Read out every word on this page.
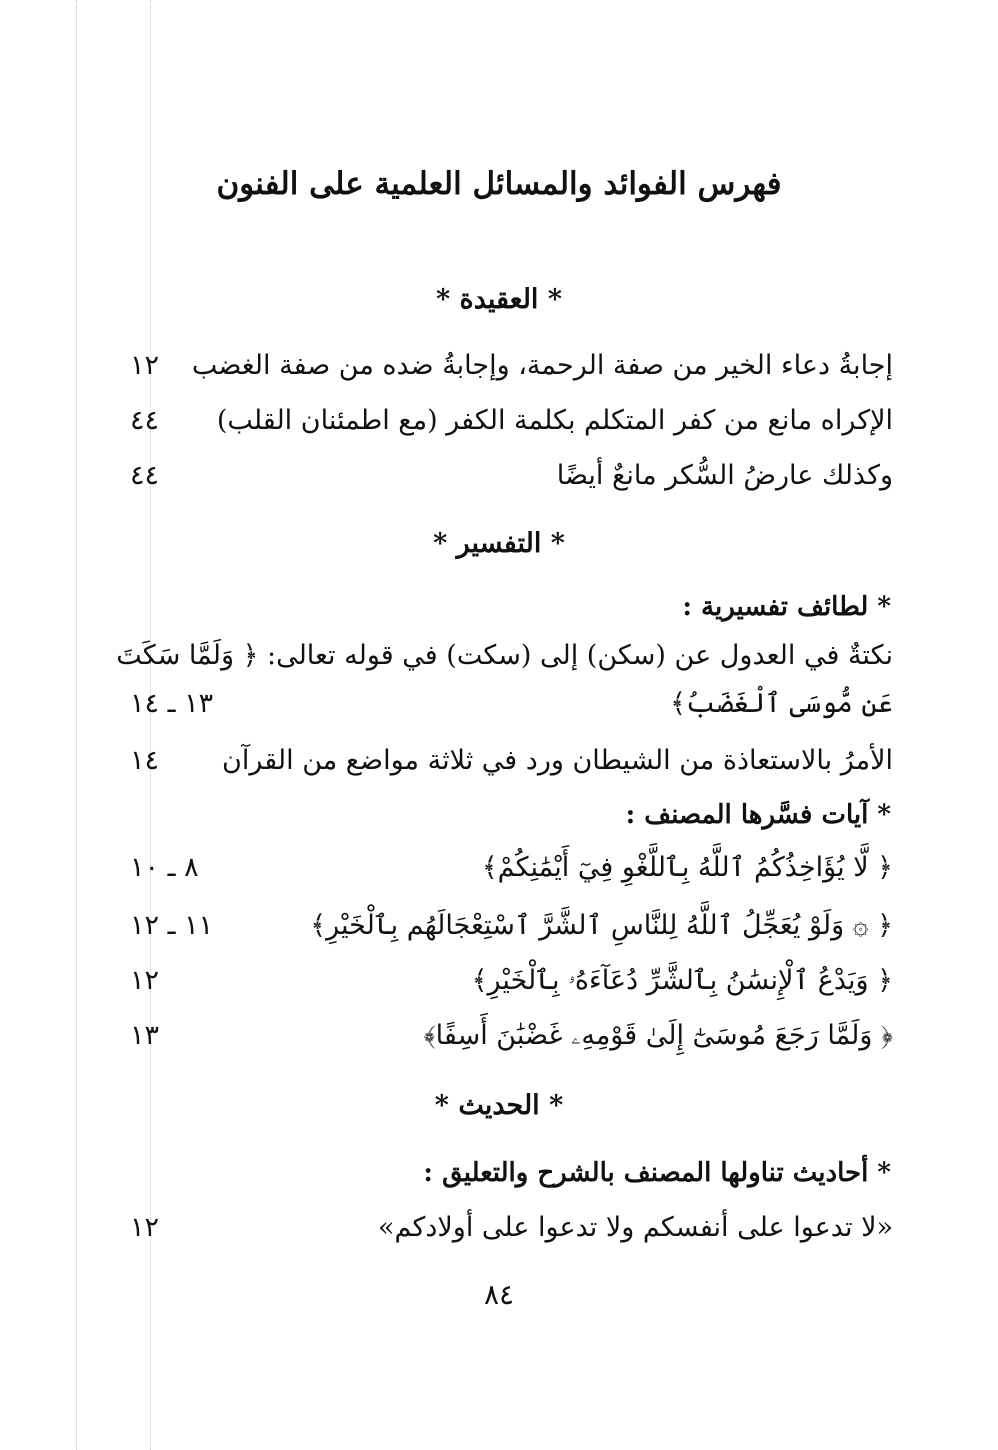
فهرس الفوائد والمسائل العلمية على الفنون
* العقيدة *
إجابةُ دعاء الخير من صفة الرحمة، وإجابةُ ضده من صفة الغضب
١٢
الإكراه مانع من كفر المتكلم بكلمة الكفر (مع اطمئنان القلب)
٤٤
وكذلك عارضُ السُّكر مانعٌ أيضًا
٤٤
* التفسير *
* لطائف تفسيرية :
نكتةٌ في العدول عن (سكن) إلى (سكت) في قوله تعالى: ﴿ وَلَمَّا سَكَتَ
عَن مُّوسَى ٱلْغَضَبُ﴾
١٣ ـ ١٤
الأمرُ بالاستعاذة من الشيطان ورد في ثلاثة مواضع من القرآن
١٤
* آيات فسَّرها المصنف :
﴿ لَّا يُؤَاخِذُكُمُ ٱللَّهُ بِٱللَّغْوِ فِيٓ أَيْمَٰنِكُمْ﴾
٨ ـ ١٠
﴿ ۞ وَلَوْ يُعَجِّلُ ٱللَّهُ لِلنَّاسِ ٱلشَّرَّ ٱسْتِعْجَالَهُم بِٱلْخَيْرِ﴾
١١ ـ ١٢
﴿ وَيَدْعُ ٱلْإِنسَٰنُ بِٱلشَّرِّ دُعَآءَهُۥ بِٱلْخَيْرِ﴾
١٢
﴿ وَلَمَّا رَجَعَ مُوسَىٰٓ إِلَىٰ قَوْمِهِۦ غَضْبَٰنَ أَسِفًا﴾
١٣
* الحديث *
* أحاديث تناولها المصنف بالشرح والتعليق :
«لا تدعوا على أنفسكم ولا تدعوا على أولادكم»
١٢
٨٤
